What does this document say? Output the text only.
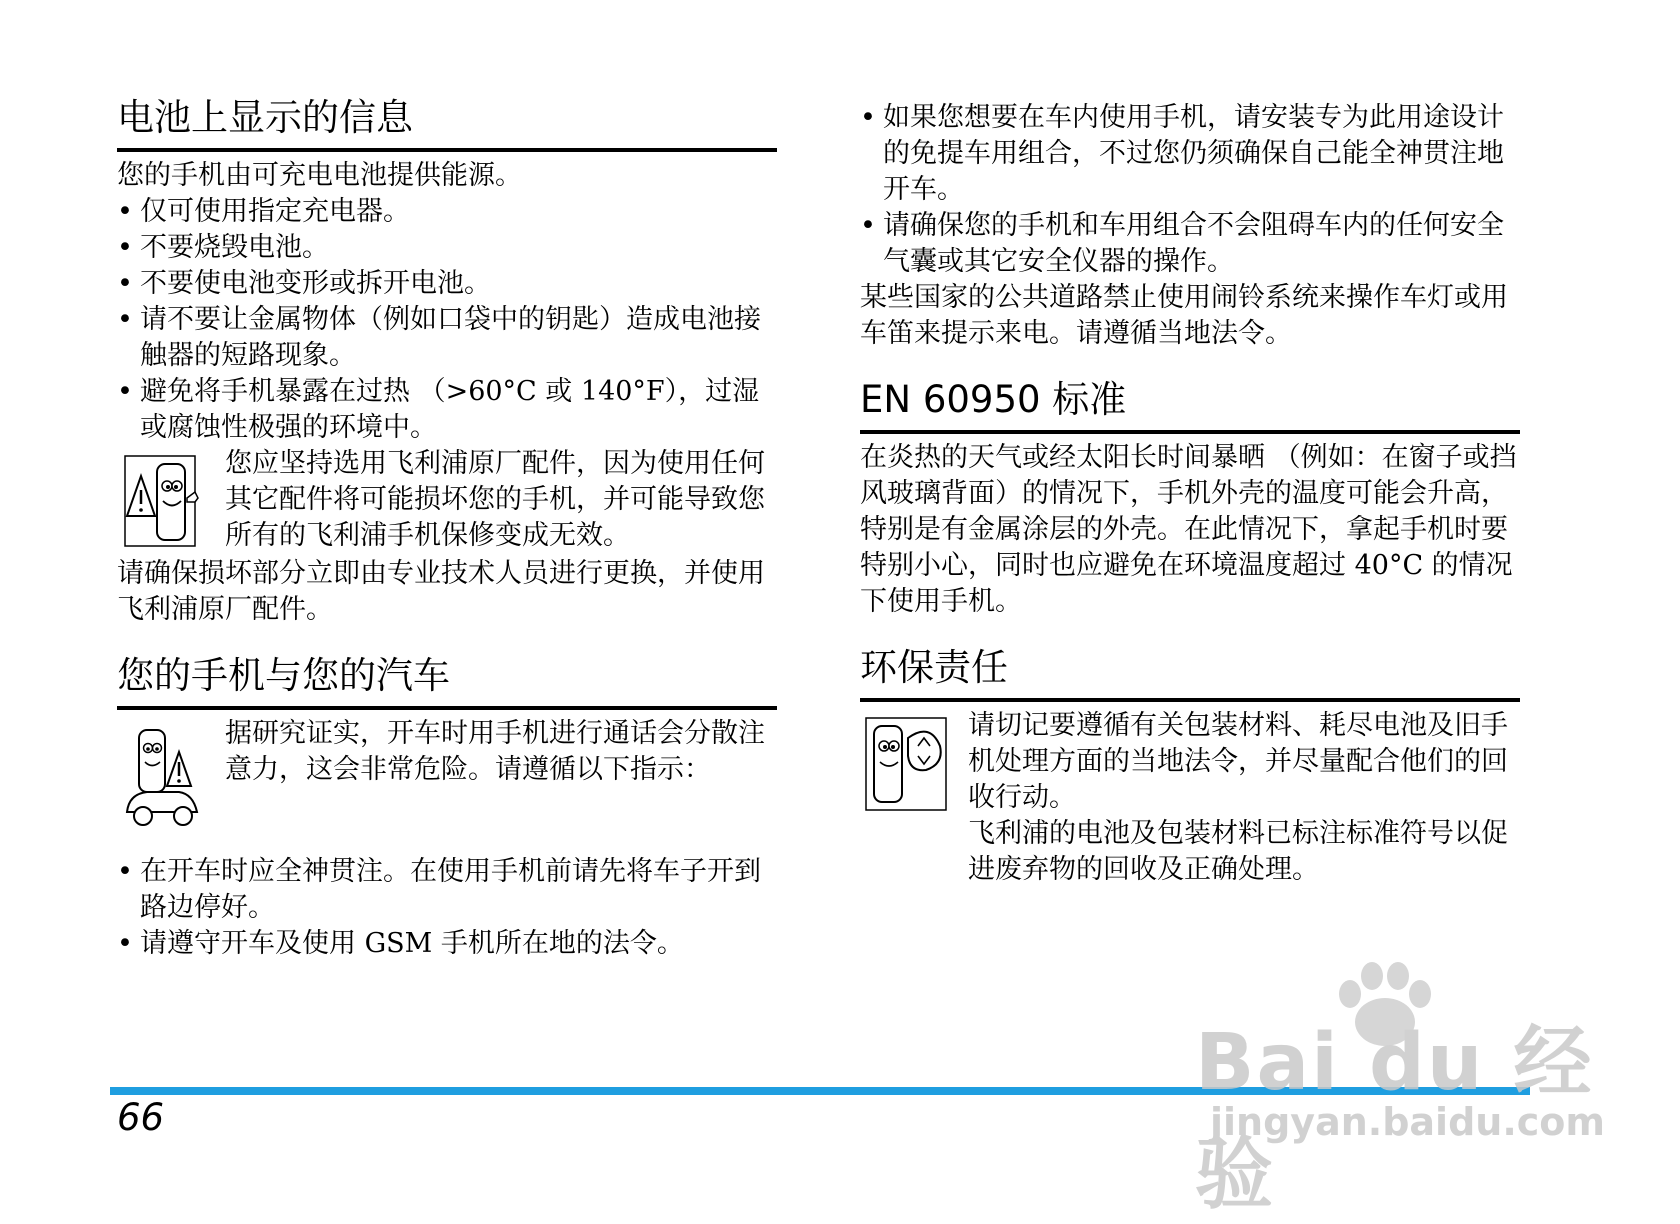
电池上显示的信息

您的手机由可充电电池提供能源。

• 仅可使用指定充电器。
• 不要烧毁电池。
• 不要使电池变形或拆开电池。
• 请不要让金属物体（例如口袋中的钥匙）造成电池接触器的短路现象。
• 避免将手机暴露在过热 （>60°C 或 140°F），过湿或腐蚀性极强的环境中。

您应坚持选用飞利浦原厂配件，因为使用任何其它配件将可能损坏您的手机，并可能导致您所有的飞利浦手机保修变成无效。

请确保损坏部分立即由专业技术人员进行更换，并使用飞利浦原厂配件。

您的手机与您的汽车

据研究证实，开车时用手机进行通话会分散注意力，这会非常危险。请遵循以下指示：

• 在开车时应全神贯注。在使用手机前请先将车子开到路边停好。
• 请遵守开车及使用 GSM 手机所在地的法令。
• 如果您想要在车内使用手机，请安装专为此用途设计的免提车用组合，不过您仍须确保自己能全神贯注地开车。
• 请确保您的手机和车用组合不会阻碍车内的任何安全气囊或其它安全仪器的操作。

某些国家的公共道路禁止使用闹铃系统来操作车灯或用车笛来提示来电。请遵循当地法令。

EN 60950 标准

在炎热的天气或经太阳长时间暴晒 （例如：在窗子或挡风玻璃背面）的情况下，手机外壳的温度可能会升高，特别是有金属涂层的外壳。在此情况下，拿起手机时要特别小心，同时也应避免在环境温度超过 40°C 的情况下使用手机。

环保责任

请切记要遵循有关包装材料、耗尽电池及旧手机处理方面的当地法令，并尽量配合他们的回收行动。

飞利浦的电池及包装材料已标注标准符号以促进废弃物的回收及正确处理。

66
Bai du 经验
jingyan.baidu.com
